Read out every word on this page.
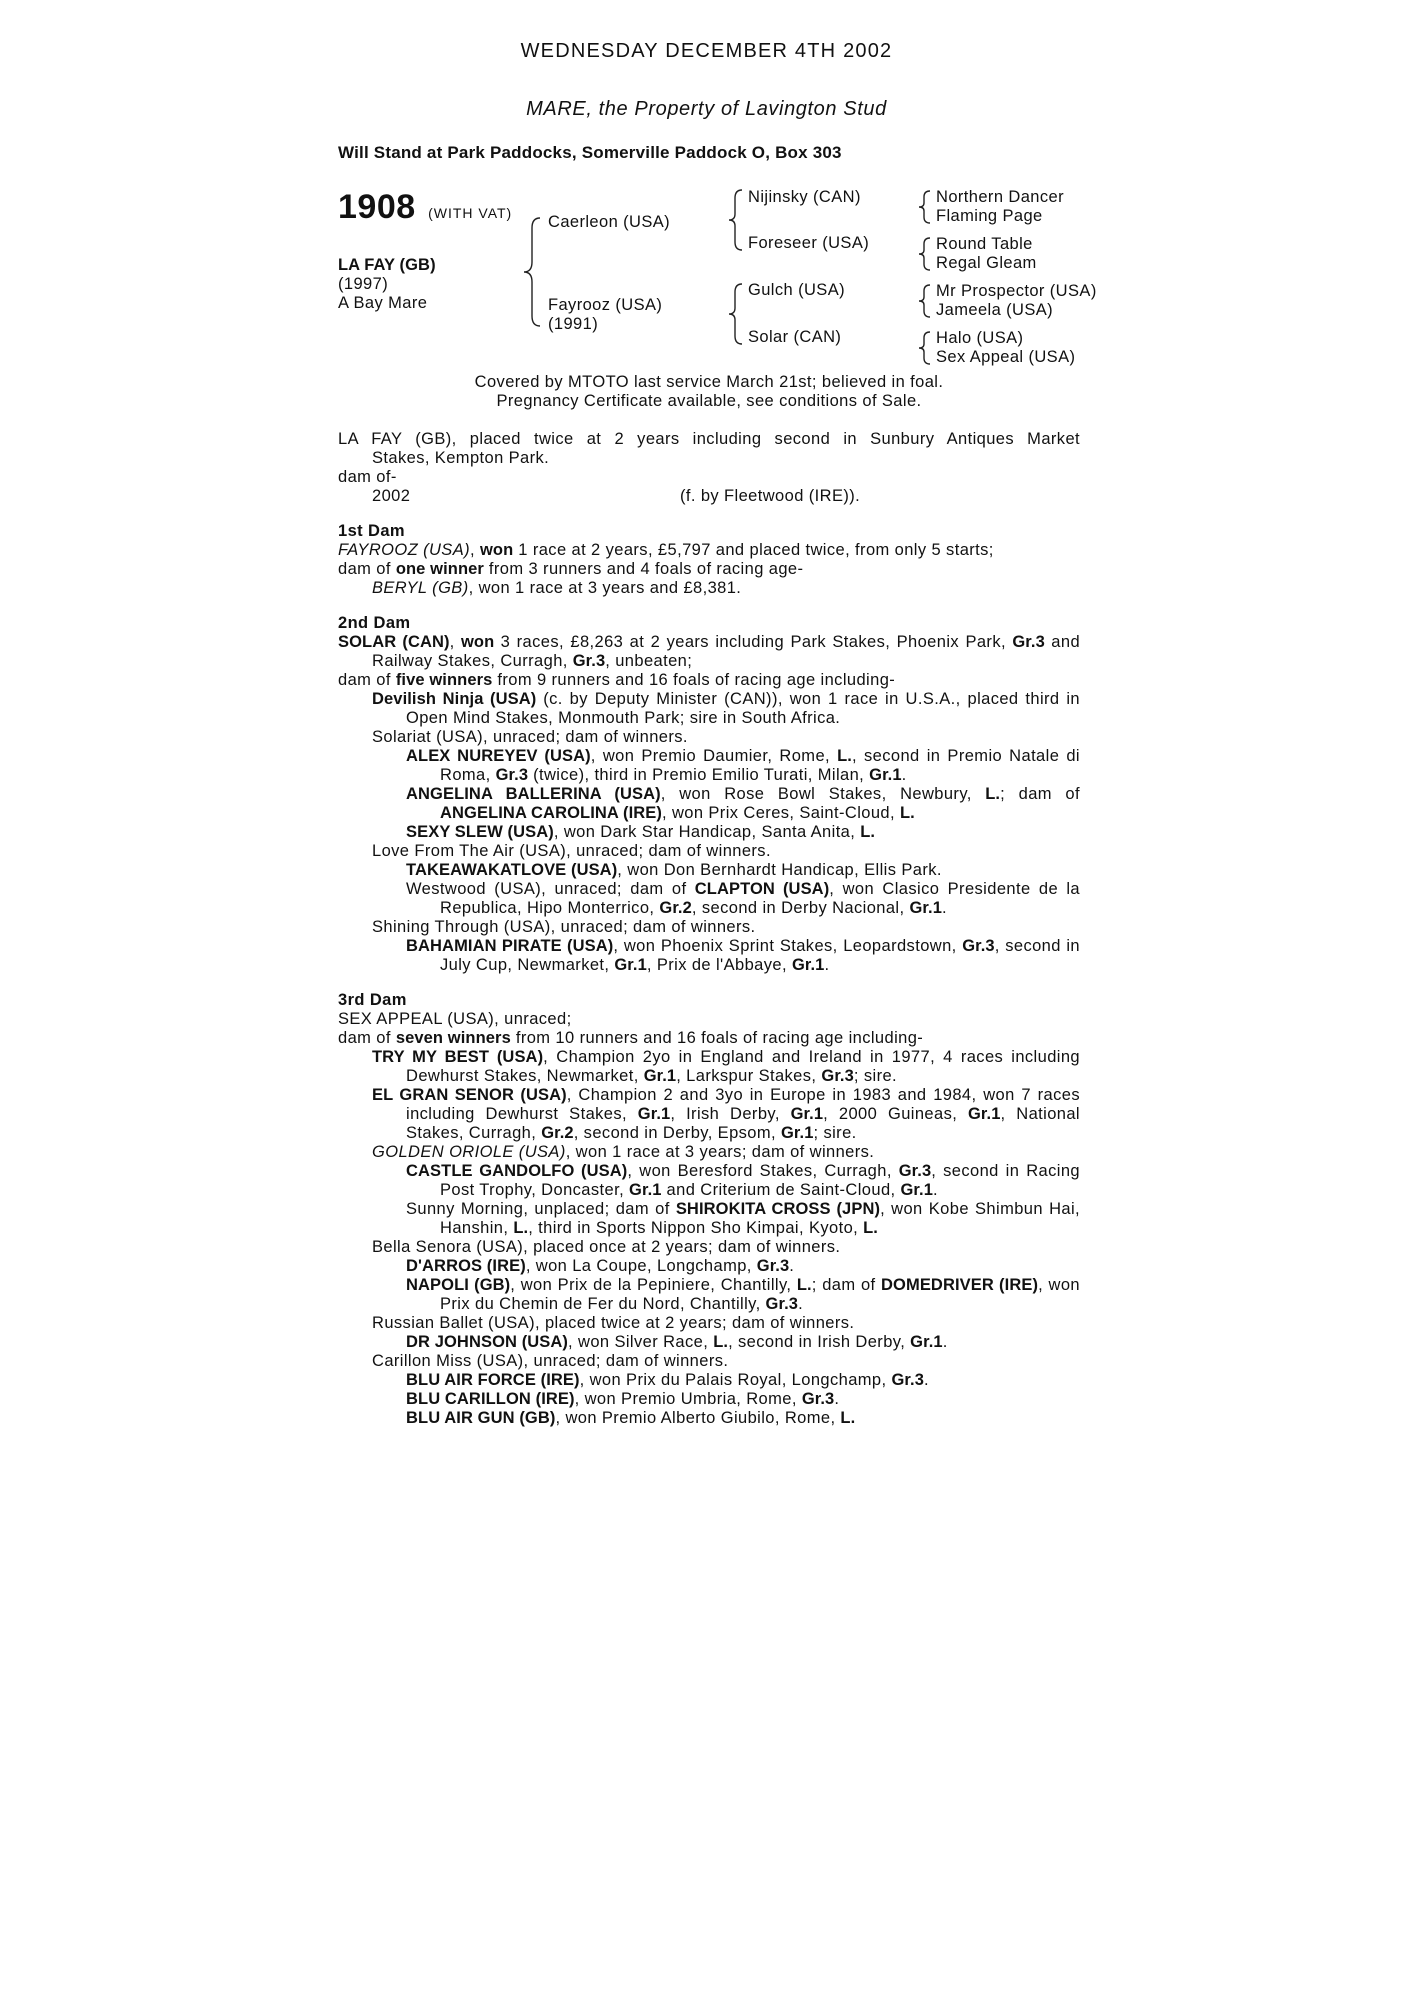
WEDNESDAY DECEMBER 4TH 2002
MARE, the Property of Lavington Stud
Will Stand at Park Paddocks, Somerville Paddock O, Box 303
1908 (WITH VAT)
LA FAY (GB)
(1997)
A Bay Mare
Caerleon (USA)
Fayrooz (USA)
(1991)
Nijinsky (CAN)
Foreseer (USA)
Gulch (USA)
Solar (CAN)
Northern Dancer
Flaming Page
Round Table
Regal Gleam
Mr Prospector (USA)
Jameela (USA)
Halo (USA)
Sex Appeal (USA)
Covered by MTOTO last service March 21st; believed in foal.
Pregnancy Certificate available, see conditions of Sale.
LA FAY (GB), placed twice at 2 years including second in Sunbury Antiques Market
Stakes, Kempton Park.
dam of-
2002	(f. by Fleetwood (IRE)).
1st Dam
FAYROOZ (USA), won 1 race at 2 years, £5,797 and placed twice, from only 5 starts;
dam of one winner from 3 runners and 4 foals of racing age-
BERYL (GB), won 1 race at 3 years and £8,381.
2nd Dam
SOLAR (CAN), won 3 races, £8,263 at 2 years including Park Stakes, Phoenix Park, Gr.3 and Railway Stakes, Curragh, Gr.3, unbeaten;
dam of five winners from 9 runners and 16 foals of racing age including-
Devilish Ninja (USA) (c. by Deputy Minister (CAN)), won 1 race in U.S.A., placed third in Open Mind Stakes, Monmouth Park; sire in South Africa.
Solariat (USA), unraced; dam of winners.
ALEX NUREYEV (USA), won Premio Daumier, Rome, L., second in Premio Natale di Roma, Gr.3 (twice), third in Premio Emilio Turati, Milan, Gr.1.
ANGELINA BALLERINA (USA), won Rose Bowl Stakes, Newbury, L.; dam of ANGELINA CAROLINA (IRE), won Prix Ceres, Saint-Cloud, L.
SEXY SLEW (USA), won Dark Star Handicap, Santa Anita, L.
Love From The Air (USA), unraced; dam of winners.
TAKEAWAKATLOVE (USA), won Don Bernhardt Handicap, Ellis Park.
Westwood (USA), unraced; dam of CLAPTON (USA), won Clasico Presidente de la Republica, Hipo Monterrico, Gr.2, second in Derby Nacional, Gr.1.
Shining Through (USA), unraced; dam of winners.
BAHAMIAN PIRATE (USA), won Phoenix Sprint Stakes, Leopardstown, Gr.3, second in July Cup, Newmarket, Gr.1, Prix de l'Abbaye, Gr.1.
3rd Dam
SEX APPEAL (USA), unraced;
dam of seven winners from 10 runners and 16 foals of racing age including-
TRY MY BEST (USA), Champion 2yo in England and Ireland in 1977, 4 races including Dewhurst Stakes, Newmarket, Gr.1, Larkspur Stakes, Gr.3; sire.
EL GRAN SENOR (USA), Champion 2 and 3yo in Europe in 1983 and 1984, won 7 races including Dewhurst Stakes, Gr.1, Irish Derby, Gr.1, 2000 Guineas, Gr.1, National Stakes, Curragh, Gr.2, second in Derby, Epsom, Gr.1; sire.
GOLDEN ORIOLE (USA), won 1 race at 3 years; dam of winners.
CASTLE GANDOLFO (USA), won Beresford Stakes, Curragh, Gr.3, second in Racing Post Trophy, Doncaster, Gr.1 and Criterium de Saint-Cloud, Gr.1.
Sunny Morning, unplaced; dam of SHIROKITA CROSS (JPN), won Kobe Shimbun Hai, Hanshin, L., third in Sports Nippon Sho Kimpai, Kyoto, L.
Bella Senora (USA), placed once at 2 years; dam of winners.
D'ARROS (IRE), won La Coupe, Longchamp, Gr.3.
NAPOLI (GB), won Prix de la Pepiniere, Chantilly, L.; dam of DOMEDRIVER (IRE), won Prix du Chemin de Fer du Nord, Chantilly, Gr.3.
Russian Ballet (USA), placed twice at 2 years; dam of winners.
DR JOHNSON (USA), won Silver Race, L., second in Irish Derby, Gr.1.
Carillon Miss (USA), unraced; dam of winners.
BLU AIR FORCE (IRE), won Prix du Palais Royal, Longchamp, Gr.3.
BLU CARILLON (IRE), won Premio Umbria, Rome, Gr.3.
BLU AIR GUN (GB), won Premio Alberto Giubilo, Rome, L.
